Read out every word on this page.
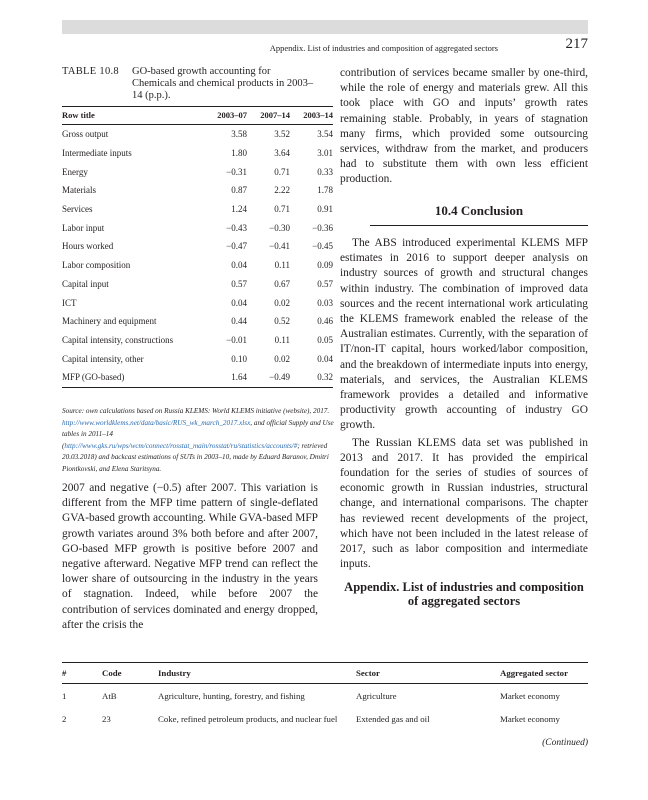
Appendix. List of industries and composition of aggregated sectors	217
TABLE 10.8 GO-based growth accounting for Chemicals and chemical products in 2003–14 (p.p.).
Row title	2003–07	2007–14	2003–14
Gross output	3.58	3.52	3.54
Intermediate inputs	1.80	3.64	3.01
Energy	−0.31	0.71	0.33
Materials	0.87	2.22	1.78
Services	1.24	0.71	0.91
Labor input	−0.43	−0.30	−0.36
Hours worked	−0.47	−0.41	−0.45
Labor composition	0.04	0.11	0.09
Capital input	0.57	0.67	0.57
ICT	0.04	0.02	0.03
Machinery and equipment	0.44	0.52	0.46
Capital intensity, constructions	−0.01	0.11	0.05
Capital intensity, other	0.10	0.02	0.04
MFP (GO-based)	1.64	−0.49	0.32
Source: own calculations based on Russia KLEMS: World KLEMS initiative (website), 2017. http://www.worldklems.net/data/basic/RUS_wk_march_2017.xlsx, and official Supply and Use tables in 2011–14 (http://www.gks.ru/wps/wcm/connect/rosstat_main/rosstat/ru/statistics/accounts/#; retrieved 20.03.2018) and backcast estimations of SUTs in 2003–10, made by Eduard Baranov, Dmitri Piontkovski, and Elena Staritsyna.
2007 and negative (−0.5) after 2007. This variation is different from the MFP time pattern of single-deflated GVA-based growth accounting. While GVA-based MFP growth variates around 3% both before and after 2007, GO-based MFP growth is positive before 2007 and negative afterward. Negative MFP trend can reflect the lower share of outsourcing in the industry in the years of stagnation. Indeed, while before 2007 the contribution of services dominated and energy dropped, after the crisis the
contribution of services became smaller by one-third, while the role of energy and materials grew. All this took place with GO and inputs’ growth rates remaining stable. Probably, in years of stagnation many firms, which provided some outsourcing services, withdraw from the market, and producers had to substitute them with own less efficient production.
10.4 Conclusion

The ABS introduced experimental KLEMS MFP estimates in 2016 to support deeper analysis on industry sources of growth and structural changes within industry. The combination of improved data sources and the recent international work articulating the KLEMS framework enabled the release of the Australian estimates. Currently, with the separation of IT/non-IT capital, hours worked/labor composition, and the breakdown of intermediate inputs into energy, materials, and services, the Australian KLEMS framework provides a detailed and informative productivity growth accounting of industry GO growth.

The Russian KLEMS data set was published in 2013 and 2017. It has provided the empirical foundation for the series of studies of sources of economic growth in Russian industries, structural change, and international comparisons. The chapter has reviewed recent developments of the project, which have not been included in the latest release of 2017, such as labor composition and intermediate inputs.

Appendix. List of industries and composition of aggregated sectors
#	Code	Industry	Sector	Aggregated sector
1	AtB	Agriculture, hunting, forestry, and fishing	Agriculture	Market economy
2	23	Coke, refined petroleum products, and nuclear fuel	Extended gas and oil	Market economy
(Continued)
